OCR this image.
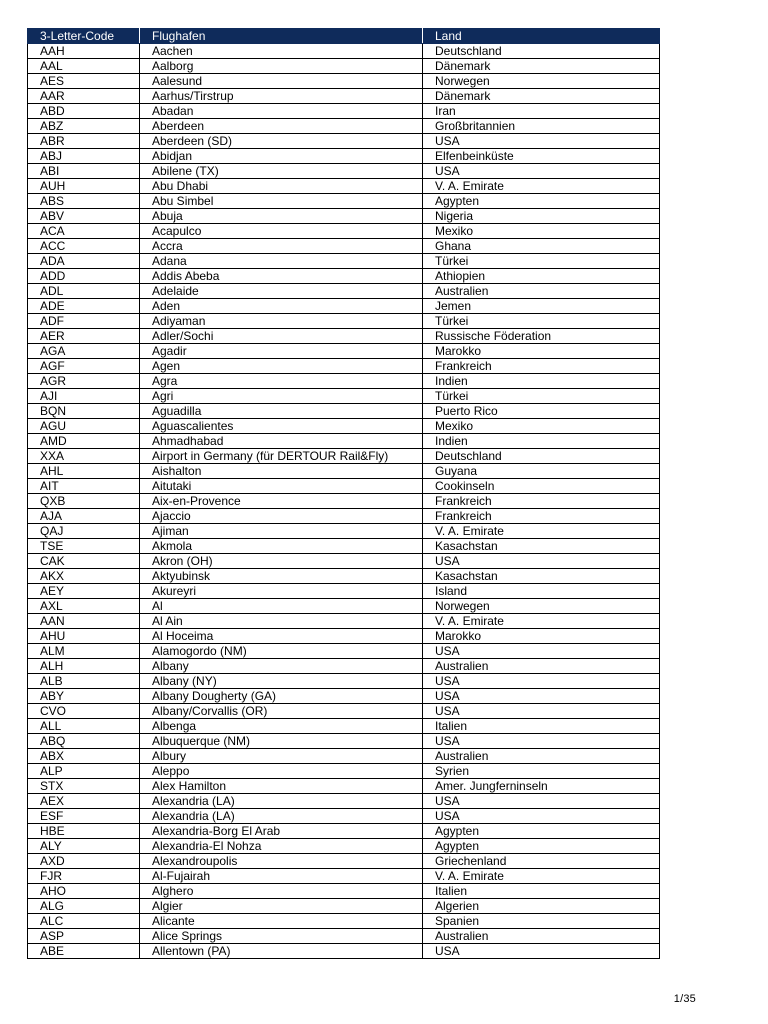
3-Letter-Code	Flughafen	Land
AAH	Aachen	Deutschland
AAL	Aalborg	Dänemark
AES	Aalesund	Norwegen
AAR	Aarhus/Tirstrup	Dänemark
ABD	Abadan	Iran
ABZ	Aberdeen	Großbritannien
ABR	Aberdeen (SD)	USA
ABJ	Abidjan	Elfenbeinküste
ABI	Abilene (TX)	USA
AUH	Abu Dhabi	V. A. Emirate
ABS	Abu Simbel	Agypten
ABV	Abuja	Nigeria
ACA	Acapulco	Mexiko
ACC	Accra	Ghana
ADA	Adana	Türkei
ADD	Addis Abeba	Athiopien
ADL	Adelaide	Australien
ADE	Aden	Jemen
ADF	Adiyaman	Türkei
AER	Adler/Sochi	Russische Föderation
AGA	Agadir	Marokko
AGF	Agen	Frankreich
AGR	Agra	Indien
AJI	Agri	Türkei
BQN	Aguadilla	Puerto Rico
AGU	Aguascalientes	Mexiko
AMD	Ahmadhabad	Indien
XXA	Airport in Germany (für DERTOUR Rail&Fly)	Deutschland
AHL	Aishalton	Guyana
AIT	Aitutaki	Cookinseln
QXB	Aix-en-Provence	Frankreich
AJA	Ajaccio	Frankreich
QAJ	Ajiman	V. A. Emirate
TSE	Akmola	Kasachstan
CAK	Akron (OH)	USA
AKX	Aktyubinsk	Kasachstan
AEY	Akureyri	Island
AXL	Al	Norwegen
AAN	Al Ain	V. A. Emirate
AHU	Al Hoceima	Marokko
ALM	Alamogordo (NM)	USA
ALH	Albany	Australien
ALB	Albany (NY)	USA
ABY	Albany Dougherty (GA)	USA
CVO	Albany/Corvallis (OR)	USA
ALL	Albenga	Italien
ABQ	Albuquerque (NM)	USA
ABX	Albury	Australien
ALP	Aleppo	Syrien
STX	Alex Hamilton	Amer. Jungferninseln
AEX	Alexandria (LA)	USA
ESF	Alexandria (LA)	USA
HBE	Alexandria-Borg El Arab	Agypten
ALY	Alexandria-El Nohza	Agypten
AXD	Alexandroupolis	Griechenland
FJR	Al-Fujairah	V. A. Emirate
AHO	Alghero	Italien
ALG	Algier	Algerien
ALC	Alicante	Spanien
ASP	Alice Springs	Australien
ABE	Allentown (PA)	USA
1/35
